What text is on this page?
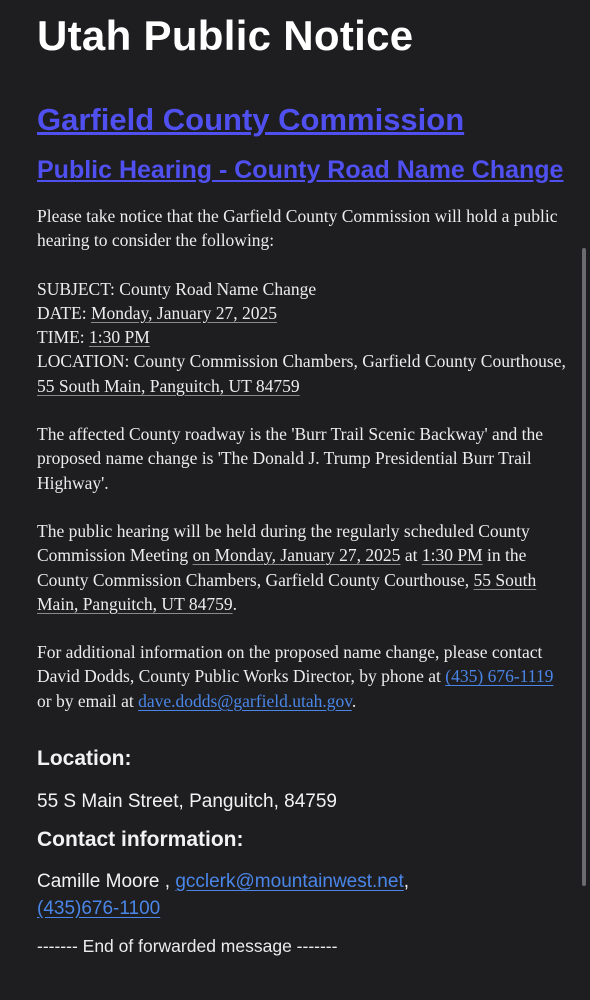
Utah Public Notice
Garfield County Commission
Public Hearing - County Road Name Change
Please take notice that the Garfield County Commission will hold a public hearing to consider the following:
SUBJECT: County Road Name Change
DATE: Monday, January 27, 2025
TIME: 1:30 PM
LOCATION: County Commission Chambers, Garfield County Courthouse, 55 South Main, Panguitch, UT 84759
The affected County roadway is the 'Burr Trail Scenic Backway' and the proposed name change is 'The Donald J. Trump Presidential Burr Trail Highway'.
The public hearing will be held during the regularly scheduled County Commission Meeting on Monday, January 27, 2025 at 1:30 PM in the County Commission Chambers, Garfield County Courthouse, 55 South Main, Panguitch, UT 84759.
For additional information on the proposed name change, please contact David Dodds, County Public Works Director, by phone at (435) 676-1119 or by email at dave.dodds@garfield.utah.gov.
Location:
55 S Main Street, Panguitch, 84759
Contact information:
Camille Moore , gcclerk@mountainwest.net,
(435)676-1100
------- End of forwarded message -------
